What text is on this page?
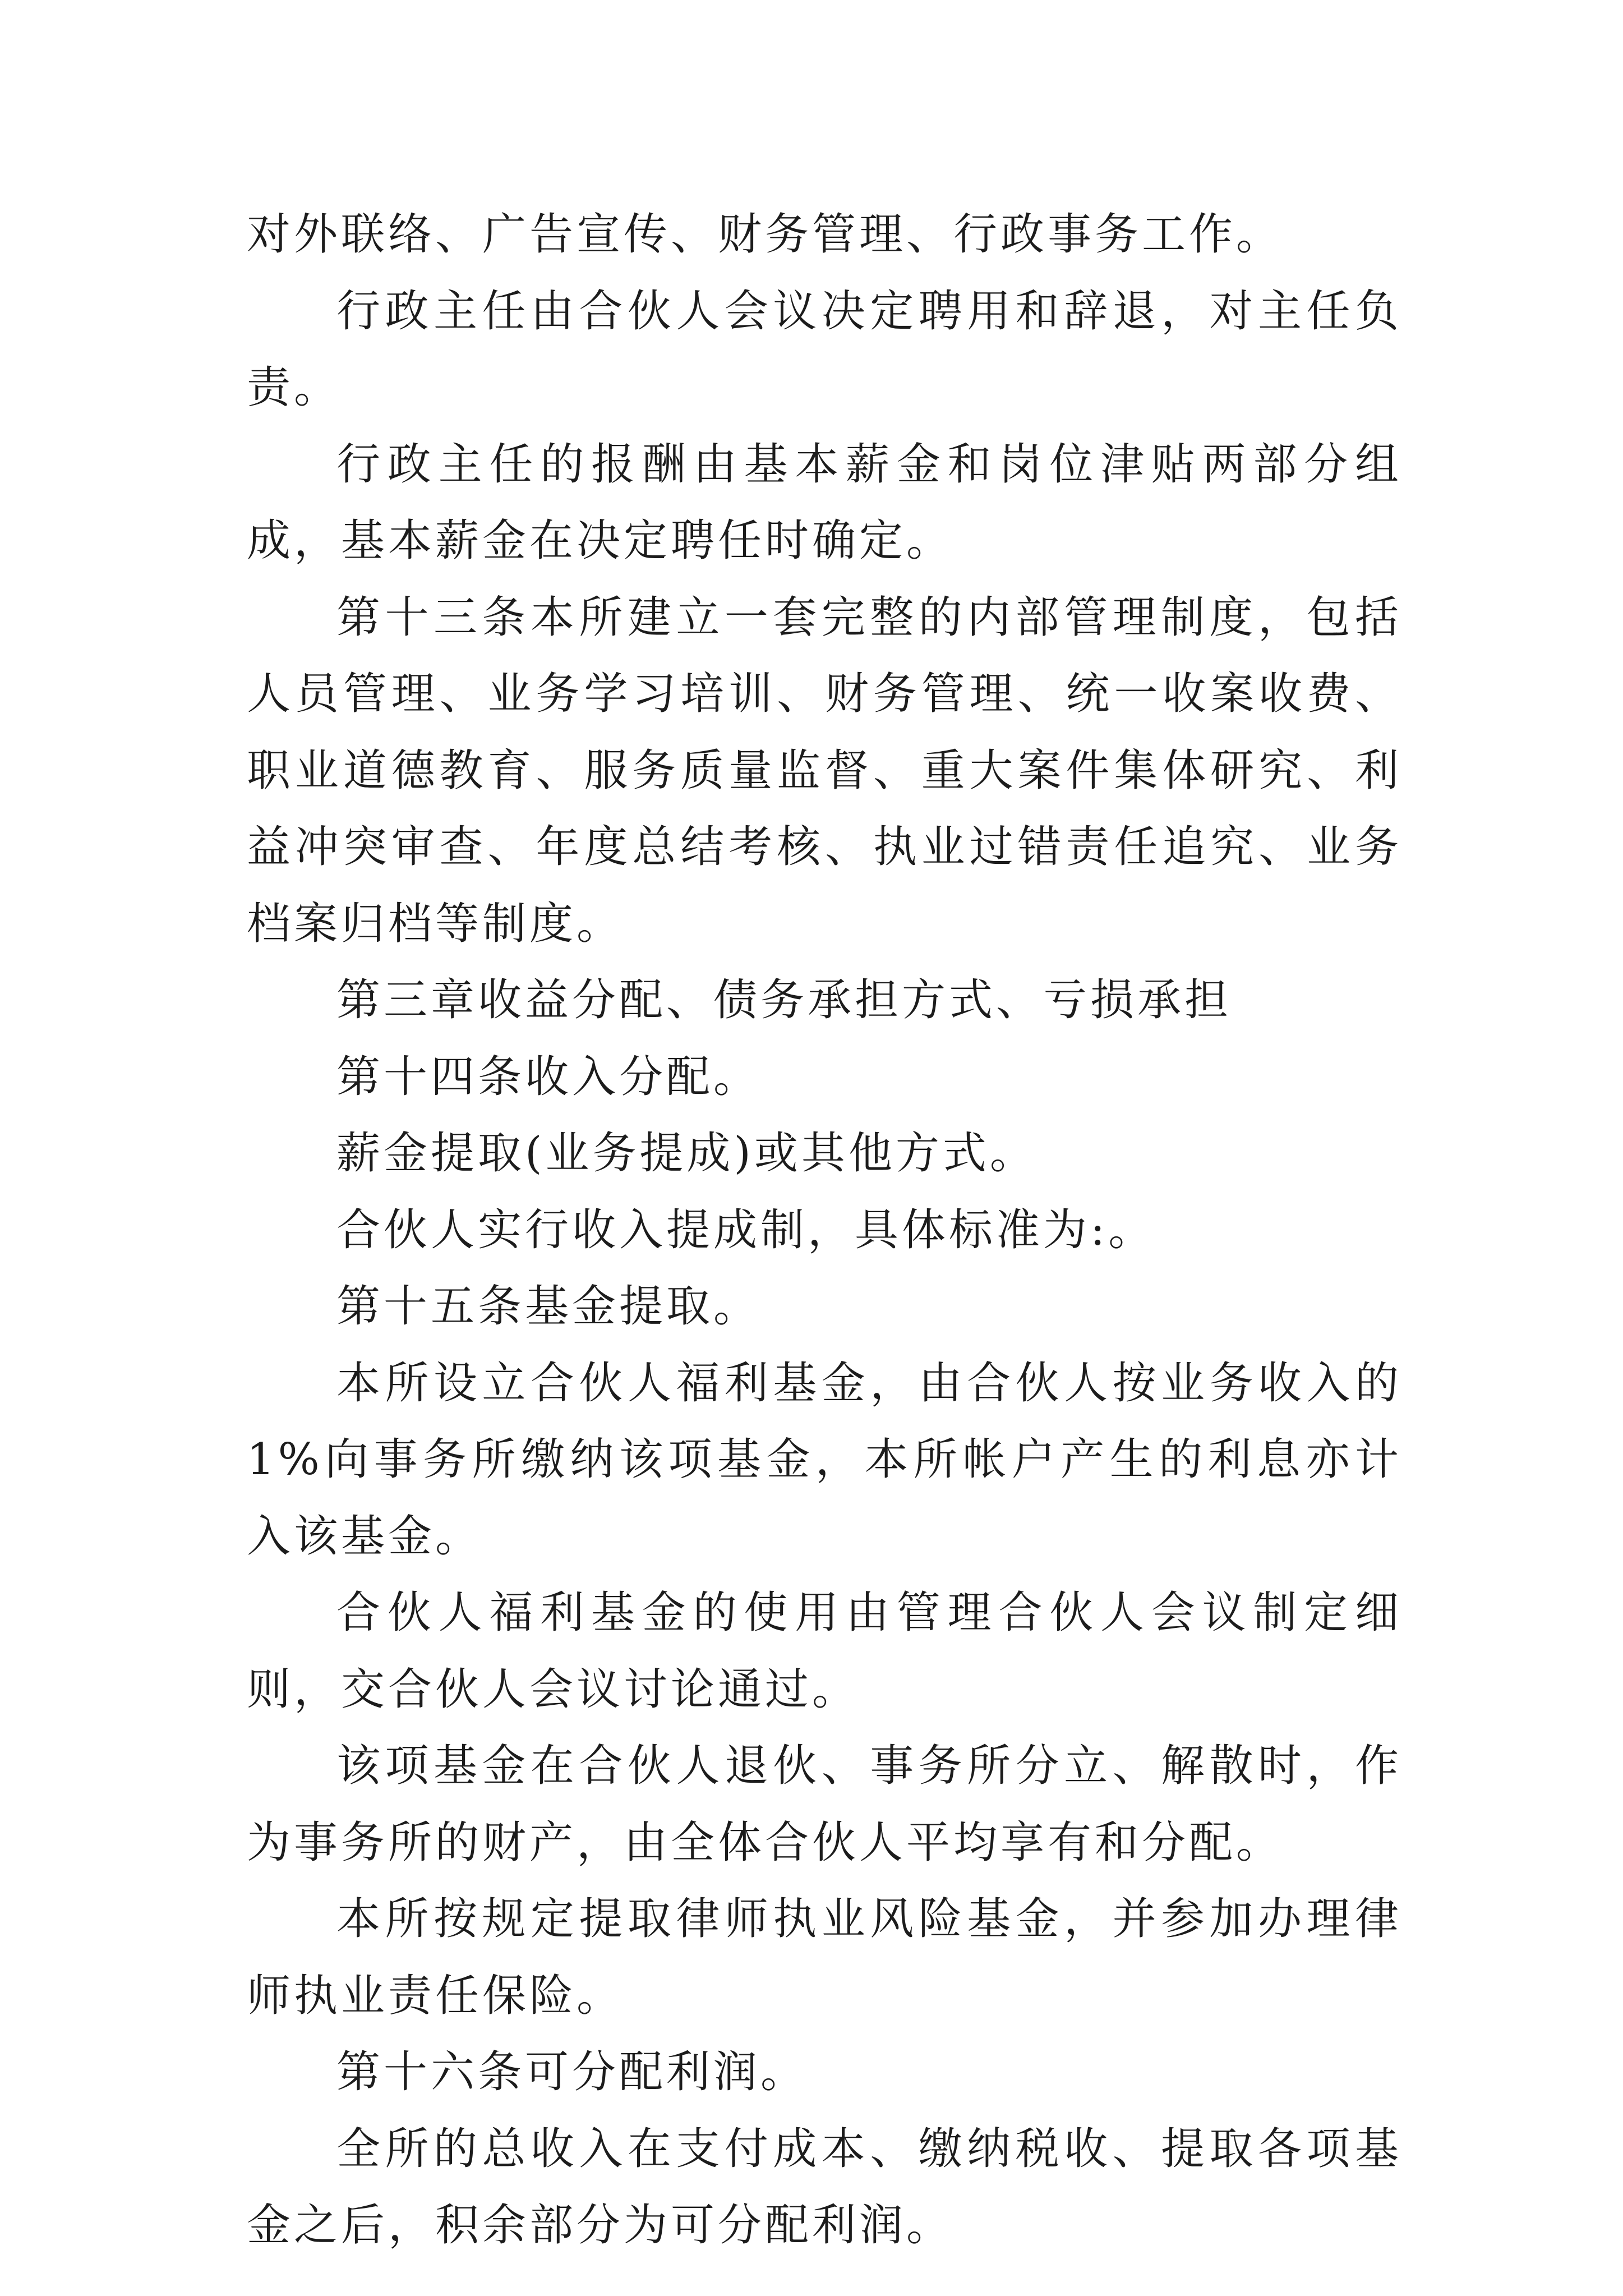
对外联络、广告宣传、财务管理、行政事务工作。

行政主任由合伙人会议决定聘用和辞退，对主任负责。

行政主任的报酬由基本薪金和岗位津贴两部分组成，基本薪金在决定聘任时确定。

第十三条本所建立一套完整的内部管理制度，包括人员管理、业务学习培训、财务管理、统一收案收费、职业道德教育、服务质量监督、重大案件集体研究、利益冲突审查、年度总结考核、执业过错责任追究、业务档案归档等制度。

第三章收益分配、债务承担方式、亏损承担

第十四条收入分配。

薪金提取(业务提成)或其他方式。

合伙人实行收入提成制，具体标准为:。

第十五条基金提取。

本所设立合伙人福利基金，由合伙人按业务收入的1%向事务所缴纳该项基金，本所帐户产生的利息亦计入该基金。

合伙人福利基金的使用由管理合伙人会议制定细则，交合伙人会议讨论通过。

该项基金在合伙人退伙、事务所分立、解散时，作为事务所的财产，由全体合伙人平均享有和分配。

本所按规定提取律师执业风险基金，并参加办理律师执业责任保险。

第十六条可分配利润。

全所的总收入在支付成本、缴纳税收、提取各项基金之后，积余部分为可分配利润。
